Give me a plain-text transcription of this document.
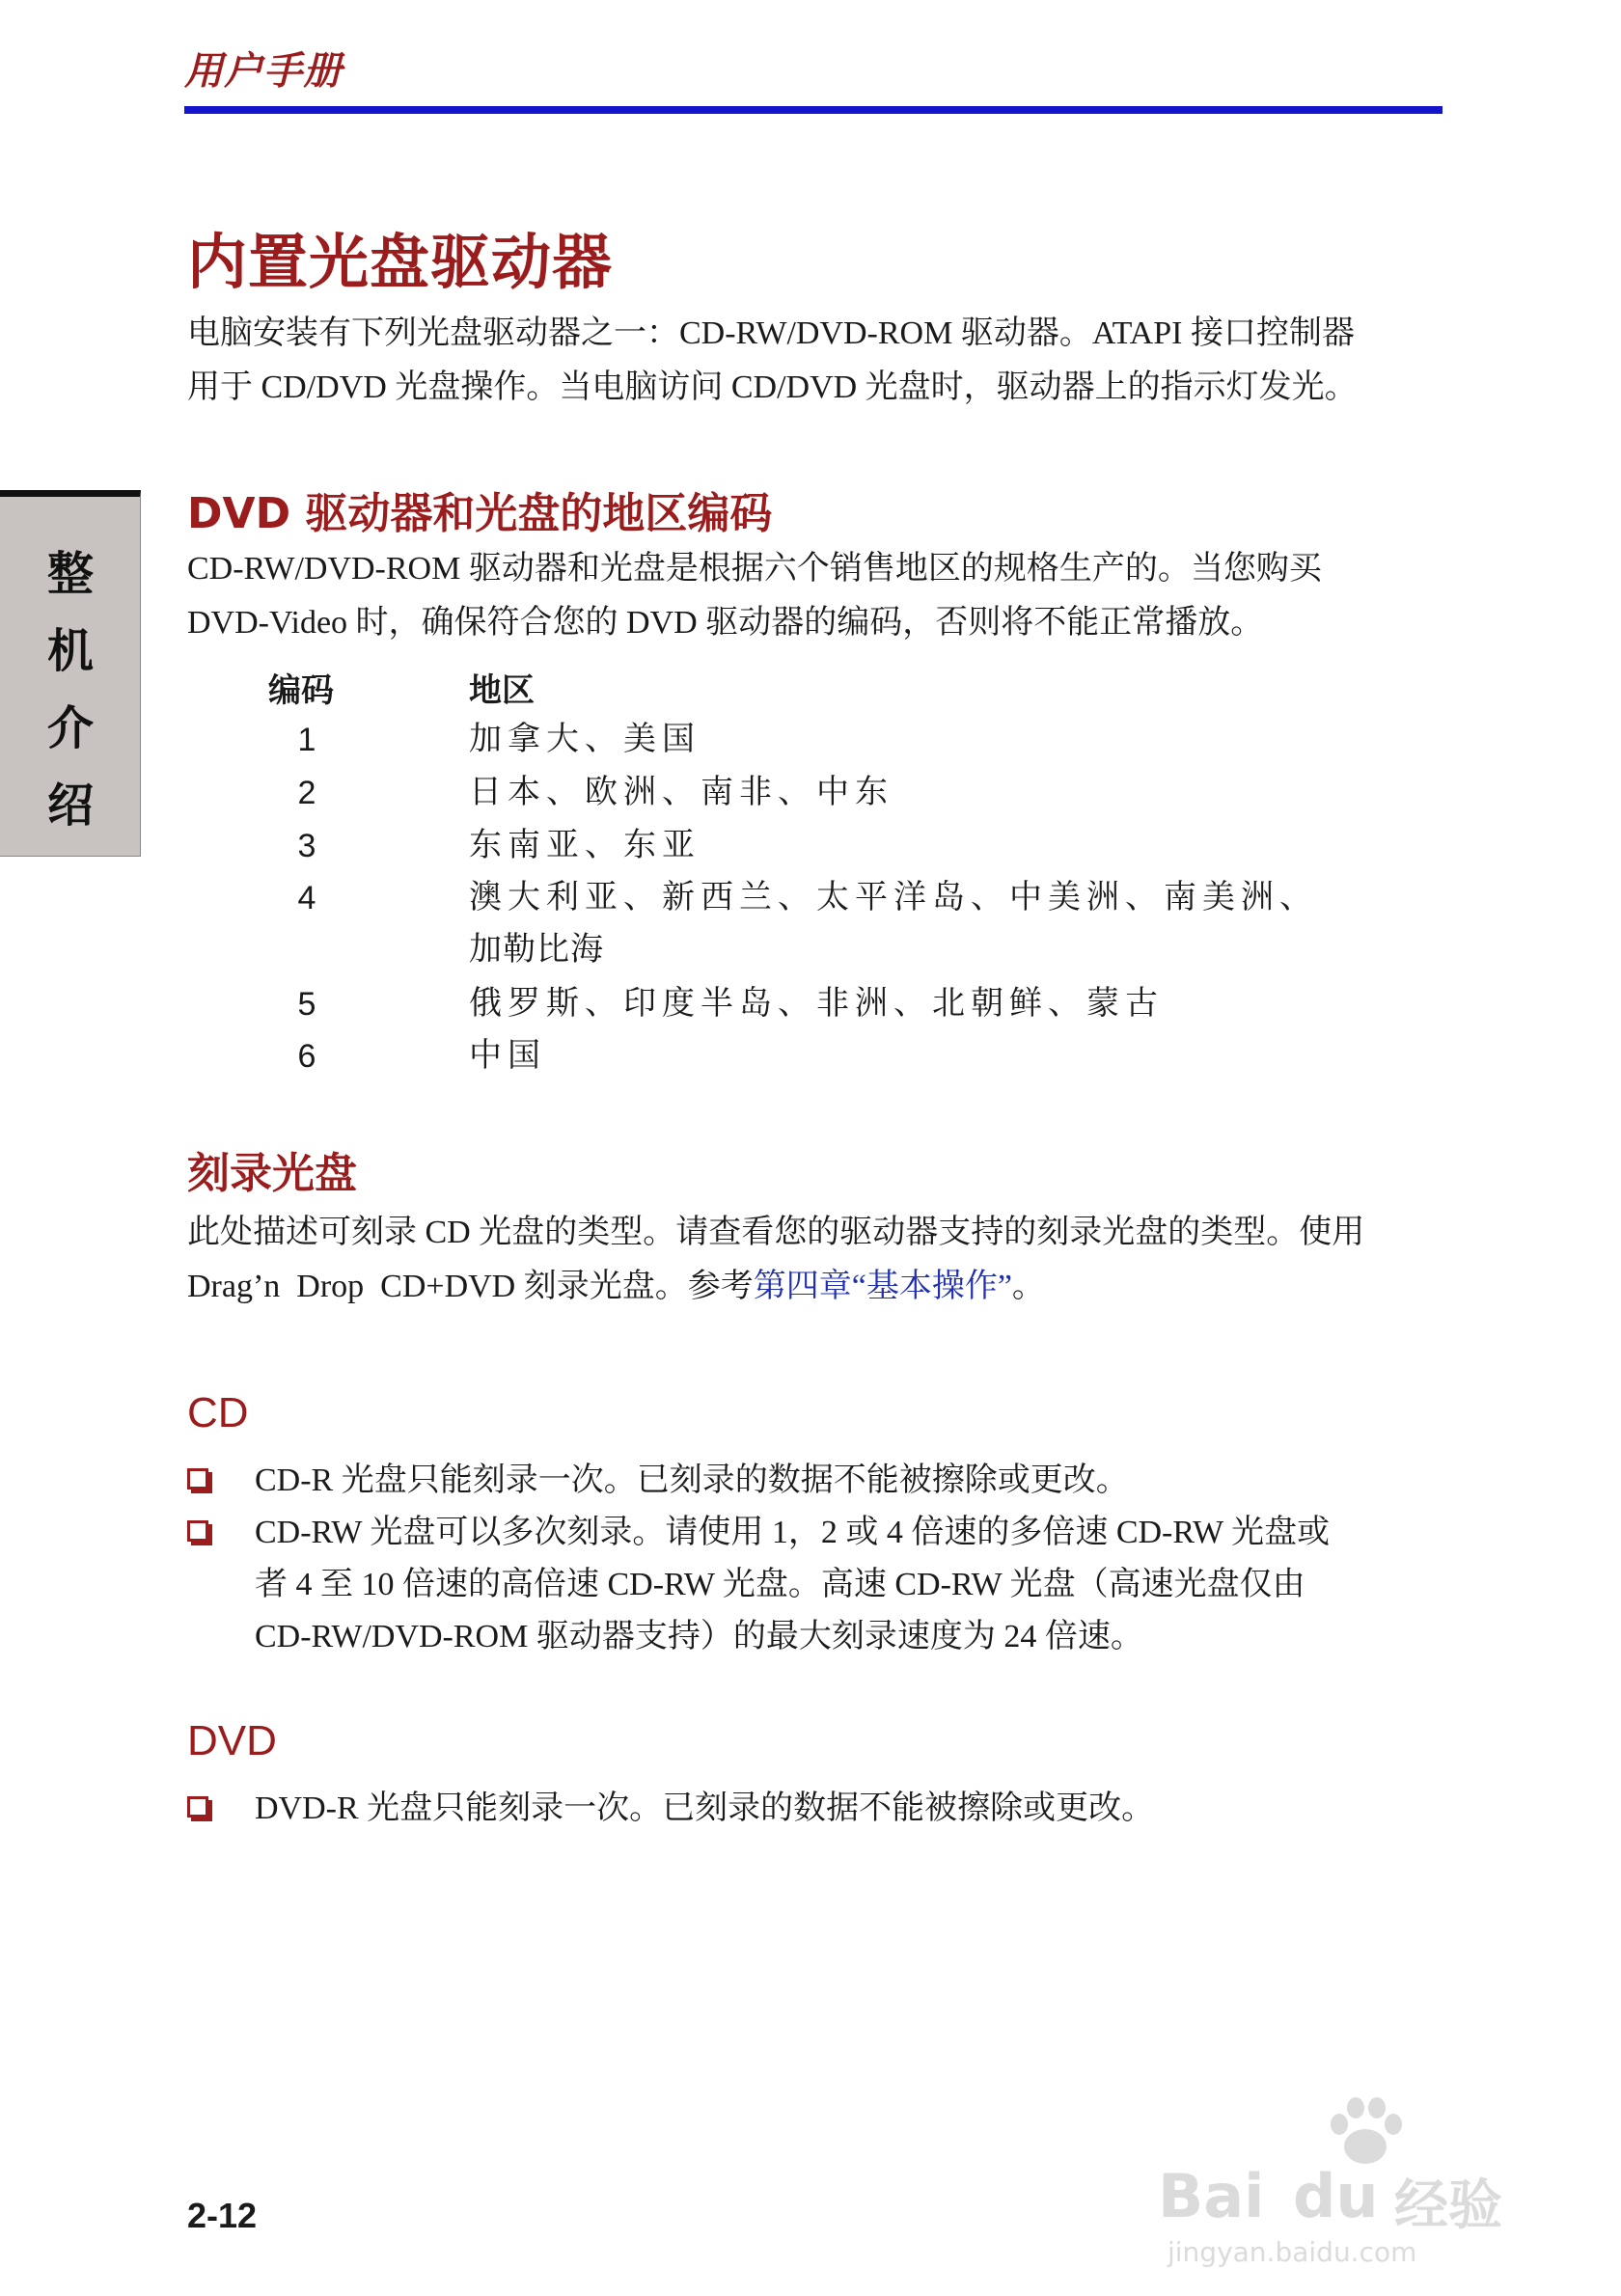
用户手册
整
机
介
绍
内置光盘驱动器
电脑安装有下列光盘驱动器之一：CD-RW/DVD-ROM 驱动器。ATAPI 接口控制器
用于 CD/DVD 光盘操作。当电脑访问 CD/DVD 光盘时，驱动器上的指示灯发光。
DVD 驱动器和光盘的地区编码
CD-RW/DVD-ROM 驱动器和光盘是根据六个销售地区的规格生产的。当您购买
DVD-Video 时，确保符合您的 DVD 驱动器的编码，否则将不能正常播放。
编码	地区
1	加拿大、美国
2	日本、欧洲、南非、中东
3	东南亚、东亚
4	澳大利亚、新西兰、太平洋岛、中美洲、南美洲、
加勒比海
5	俄罗斯、印度半岛、非洲、北朝鲜、蒙古
6	中国
刻录光盘
此处描述可刻录 CD 光盘的类型。请查看您的驱动器支持的刻录光盘的类型。使用
Drag’n  Drop  CD+DVD 刻录光盘。参考第四章“基本操作”。
CD
CD-R 光盘只能刻录一次。已刻录的数据不能被擦除或更改。
CD-RW 光盘可以多次刻录。请使用 1，2 或 4 倍速的多倍速 CD-RW 光盘或
者 4 至 10 倍速的高倍速 CD-RW 光盘。高速 CD-RW 光盘（高速光盘仅由
CD-RW/DVD-ROM 驱动器支持）的最大刻录速度为 24 倍速。
DVD
DVD-R 光盘只能刻录一次。已刻录的数据不能被擦除或更改。
2-12	Bai du 经验
jingyan.baidu.com
